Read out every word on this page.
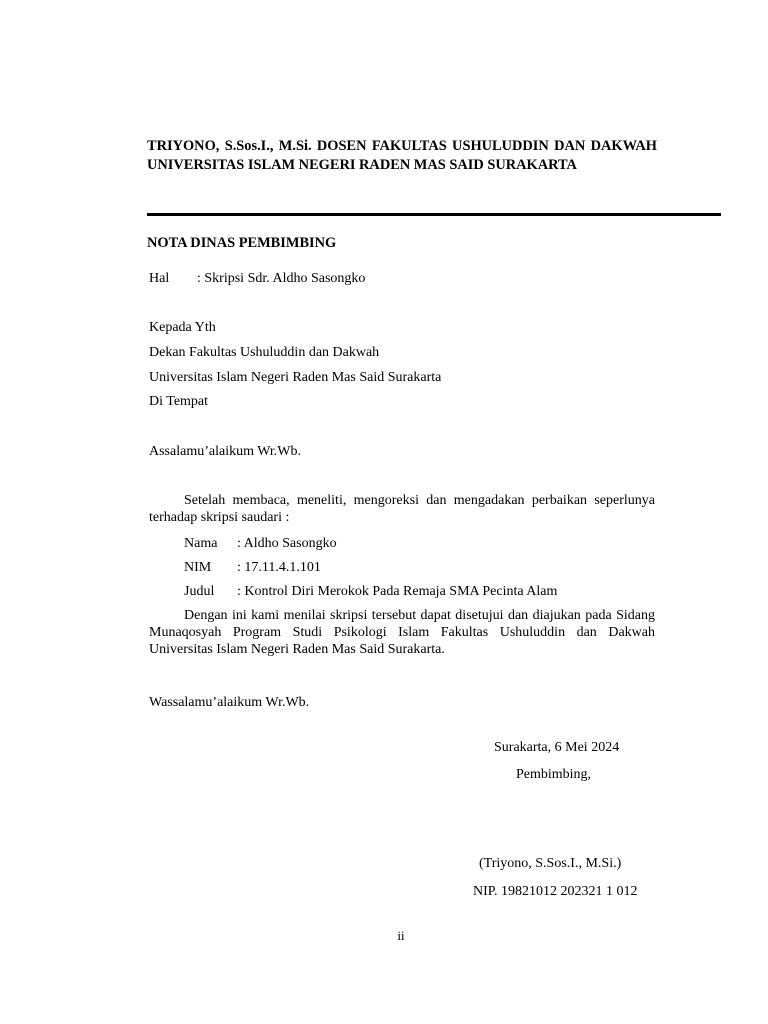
TRIYONO, S.Sos.I., M.Si. DOSEN FAKULTAS USHULUDDIN DAN DAKWAH UNIVERSITAS ISLAM NEGERI RADEN MAS SAID SURAKARTA
NOTA DINAS PEMBIMBING
Hal : Skripsi Sdr. Aldho Sasongko
Kepada Yth
Dekan Fakultas Ushuluddin dan Dakwah
Universitas Islam Negeri Raden Mas Said Surakarta
Di Tempat
Assalamu’alaikum Wr.Wb.
Setelah membaca, meneliti, mengoreksi dan mengadakan perbaikan seperlunya terhadap skripsi saudari :
Nama : Aldho Sasongko
NIM : 17.11.4.1.101
Judul : Kontrol Diri Merokok Pada Remaja SMA Pecinta Alam
Dengan ini kami menilai skripsi tersebut dapat disetujui dan diajukan pada Sidang Munaqosyah Program Studi Psikologi Islam Fakultas Ushuluddin dan Dakwah Universitas Islam Negeri Raden Mas Said Surakarta.
Wassalamu’alaikum Wr.Wb.
Surakarta, 6 Mei 2024
Pembimbing,
(Triyono, S.Sos.I., M.Si.)
NIP. 19821012 202321 1 012
ii
